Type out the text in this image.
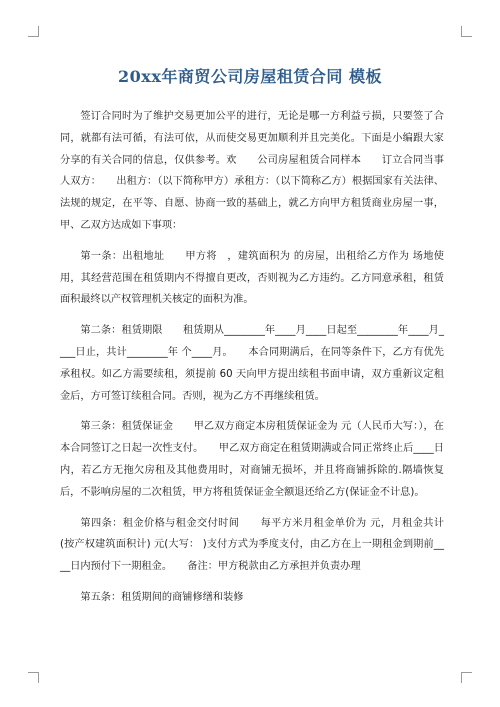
20xx年商贸公司房屋租赁合同 模板

签订合同时为了维护交易更加公平的进行，无论是哪一方利益亏损，只要签了合同，就都有法可循，有法可依，从而使交易更加顺利并且完美化。下面是小编跟大家分享的有关合同的信息，仅供参考。欢　　公司房屋租赁合同样本　　订立合同当事人双方：　　出租方：（以下简称甲方）承租方：（以下简称乙方）根据国家有关法律、法规的规定，在平等、自愿、协商一致的基础上，就乙方向甲方租赁商业房屋一事，甲、乙双方达成如下事项：

第一条：出租地址　　甲方将　，建筑面积为 的房屋，出租给乙方作为 场地使用，其经营范围在租赁期内不得擅自更改，否则视为乙方违约。乙方同意承租，租赁面积最终以产权管理机关核定的面积为准。

第二条：租赁期限　　租赁期从________年____月____日起至________年____月____日止，共计________年 个____月。　　本合同期满后，在同等条件下，乙方有优先承租权。如乙方需要续租，须提前 60 天向甲方提出续租书面申请，双方重新议定租金后，方可签订续租合同。否则，视为乙方不再继续租赁。

第三条：租赁保证金　　甲乙双方商定本房租赁保证金为 元（人民币大写：），在本合同签订之日起一次性支付。　　甲乙双方商定在租赁期满或合同正常终止后____日内，若乙方无拖欠房租及其他费用时，对商铺无损坏，并且将商铺拆除的.隔墙恢复后，不影响房屋的二次租赁，甲方将租赁保证金全额退还给乙方(保证金不计息)。

第四条：租金价格与租金交付时间　　每平方米月租金单价为 元，月租金共计(按产权建筑面积计) 元(大写： )支付方式为季度支付，由乙方在上一期租金到期前____日内预付下一期租金。　　备注：甲方税款由乙方承担并负责办理

第五条：租赁期间的商铺修缮和装修
